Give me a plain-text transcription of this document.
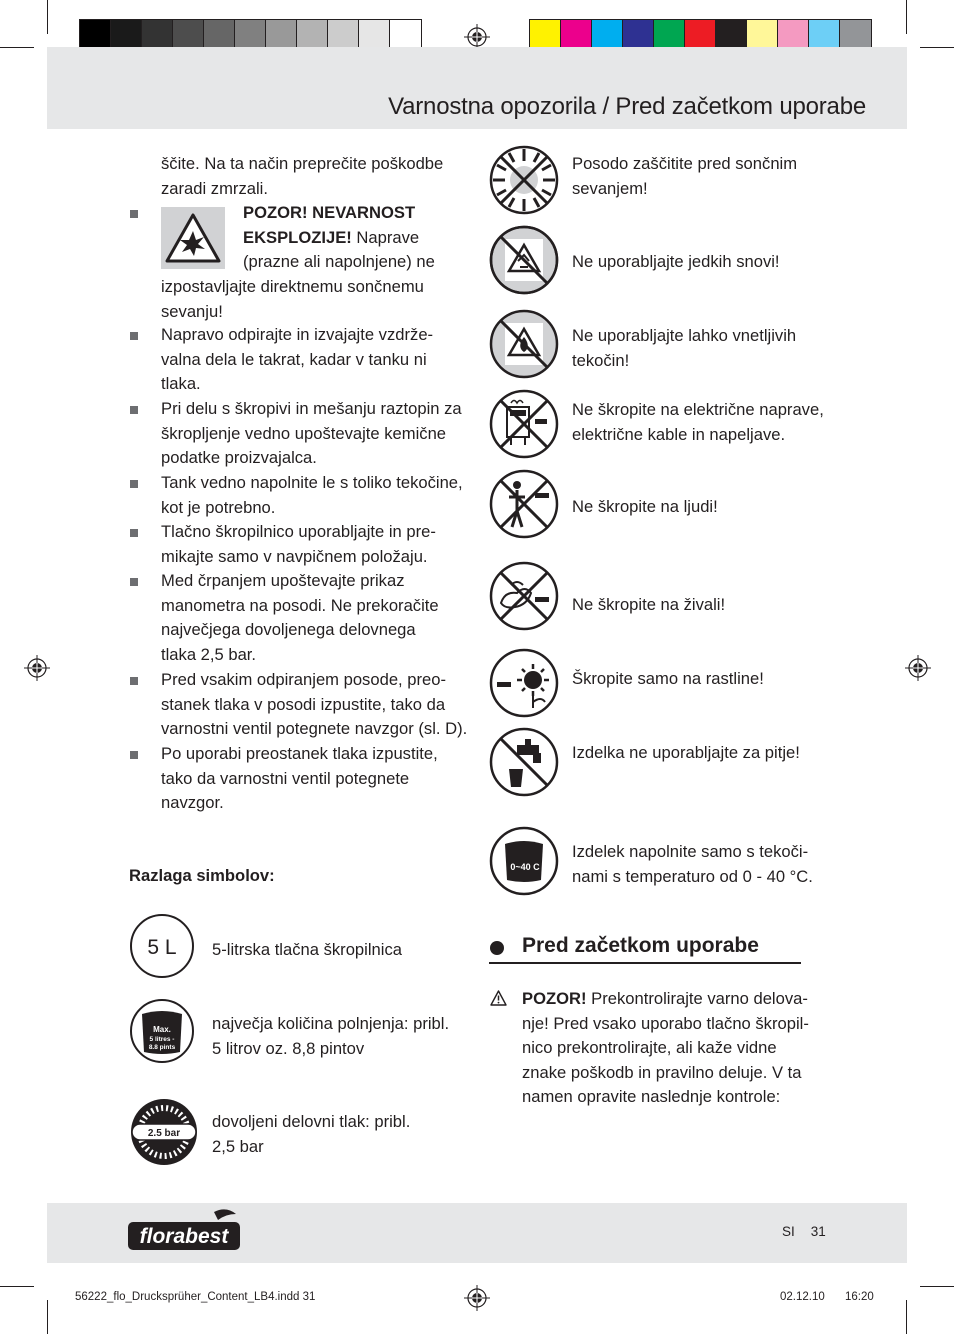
Varnostna opozorila / Pred začetkom uporabe
ščite. Na ta način preprečite poškodbe
zaradi zmrzali.
POZOR! NEVARNOST
EKSPLOZIJE! Naprave
(prazne ali napolnjene) ne
izpostavljajte direktnemu sončnemu
sevanju!
Napravo odpirajte in izvajajte vzdrže-
valna dela le takrat, kadar v tanku ni
tlaka.
Pri delu s škropivi in mešanju raztopin za
škropljenje vedno upoštevajte kemične
podatke proizvajalca.
Tank vedno napolnite le s toliko tekočine,
kot je potrebno.
Tlačno škropilnico uporabljajte in pre-
mikajte samo v navpičnem položaju.
Med črpanjem upoštevajte prikaz
manometra na posodi. Ne prekoračite
največjega dovoljenega delovnega
tlaka 2,5 bar.
Pred vsakim odpiranjem posode, preo-
stanek tlaka v posodi izpustite, tako da
varnostni ventil potegnete navzgor (sl. D).
Po uporabi preostanek tlaka izpustite,
tako da varnostni ventil potegnete
navzgor.
Razlaga simbolov:
5 L 5-litrska tlačna škropilnica
Max.
5 litres -
8.8 pints
največja količina polnjenja: pribl.
5 litrov oz. 8,8 pintov
2.5 bar
dovoljeni delovni tlak: pribl.
2,5 bar
0~40 C
Posodo zaščitite pred sončnim
sevanjem!
Ne uporabljajte jedkih snovi!
Ne uporabljajte lahko vnetljivih
tekočin!
Ne škropite na električne naprave,
električne kable in napeljave.
Ne škropite na ljudi!
Ne škropite na živali!
Škropite samo na rastline!
Izdelka ne uporabljajte za pitje!
Izdelek napolnite samo s tekoči-
nami s temperaturo od 0 - 40 °C.
Pred začetkom uporabe
POZOR! Prekontrolirajte varno delova-
nje! Pred vsako uporabo tlačno škropil-
nico prekontrolirajte, ali kaže vidne
znake poškodb in pravilno deluje. V ta
namen opravite naslednje kontrole:
florabest	SI 31
56222_flo_Drucksprüher_Content_LB4.indd 31	02.12.10 16:20
